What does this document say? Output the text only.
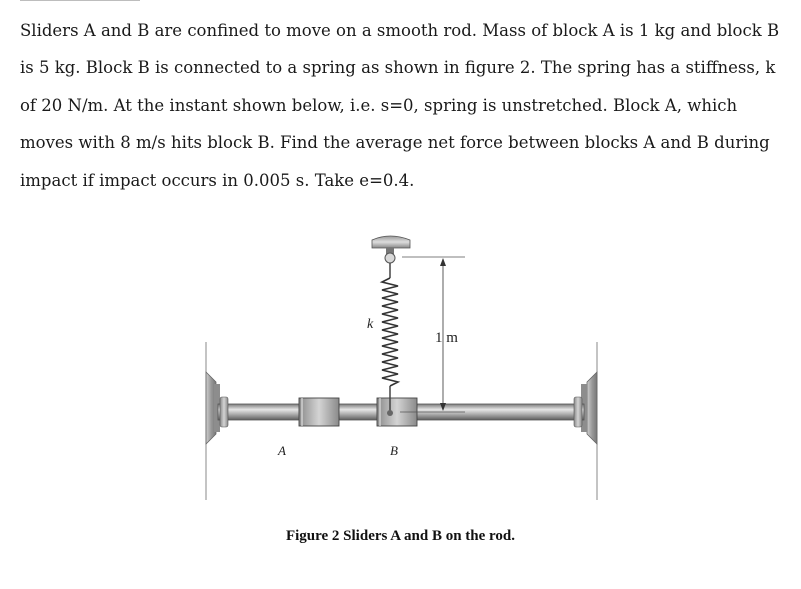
Sliders A and B are confined to move on a smooth rod. Mass of block A is 1 kg and block B
is 5 kg. Block B is connected to a spring as shown in figure 2. The spring has a stiffness, k
of 20 N/m. At the instant shown below, i.e. s=0, spring is unstretched. Block A, which
moves with 8 m/s hits block B. Find the average net force between blocks A and B during
impact if impact occurs in 0.005 s. Take e=0.4.
k
1 m
A	B
Figure 2 Sliders A and B on the rod.
